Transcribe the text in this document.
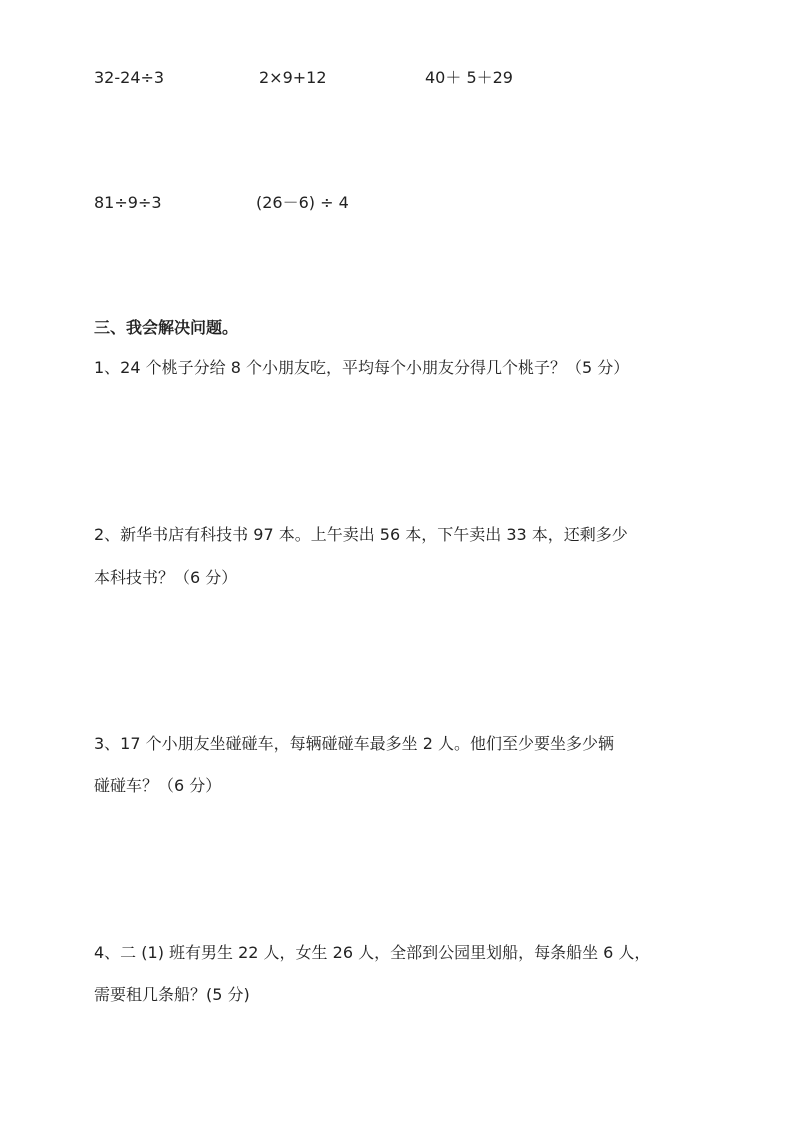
32-24÷3	2×9+12	40＋ 5＋29
81÷9÷3	(26－6) ÷ 4
三、我会解决问题。
1、24 个桃子分给 8 个小朋友吃，平均每个小朋友分得几个桃子？（5 分）
2、新华书店有科技书 97 本。上午卖出 56 本，下午卖出 33 本，还剩多少
本科技书？（6 分）
3、17 个小朋友坐碰碰车，每辆碰碰车最多坐 2 人。他们至少要坐多少辆
碰碰车？（6 分）
4、二 (1) 班有男生 22 人，女生 26 人，全部到公园里划船，每条船坐 6 人，
需要租几条船？(5 分)
